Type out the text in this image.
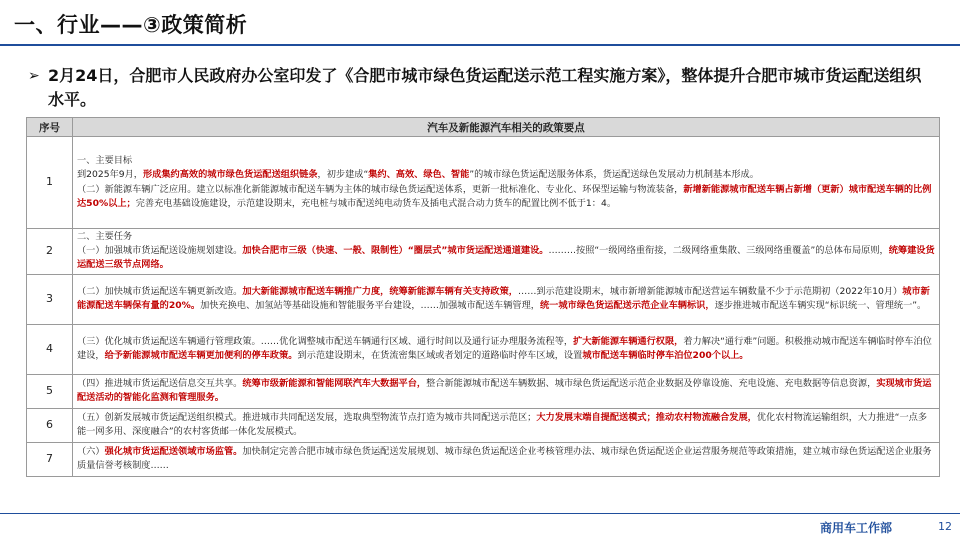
一、行业——③政策简析
➢ 2月24日，合肥市人民政府办公室印发了《合肥市城市绿色货运配送示范工程实施方案》，整体提升合肥市城市货运配送组织水平。
序号	汽车及新能源汽车相关的政策要点
1	一、主要目标
到2025年9月，形成集约高效的城市绿色货运配送组织链条，初步建成“集约、高效、绿色、智能”的城市绿色货运配送服务体系，货运配送绿色发展动力机制基本形成。
（二）新能源车辆广泛应用。建立以标准化新能源城市配送车辆为主体的城市绿色货运配送体系，更新一批标准化、专业化、环保型运输与物流装备，新增新能源城市配送车辆占新增（更新）城市配送车辆的比例达50%以上；完善充电基础设施建设，示范建设期末，充电桩与城市配送纯电动货车及插电式混合动力货车的配置比例不低于1：4。
2	二、主要任务
（一）加强城市货运配送设施规划建设。加快合肥市三级（快速、一般、限制性）“圈层式”城市货运配送通道建设。………按照“一级网络重衔接，二级网络重集散、三级网络重覆盖”的总体布局原则，统筹建设货运配送三级节点网络。
3	（二）加快城市货运配送车辆更新改造。加大新能源城市配送车辆推广力度，统筹新能源车辆有关支持政策，……到示范建设期末，城市新增新能源城市配送营运车辆数量不少于示范期初（2022年10月）城市新能源配送车辆保有量的20%。加快充换电、加氢站等基础设施和智能服务平台建设，……加强城市配送车辆管理，统一城市绿色货运配送示范企业车辆标识，逐步推进城市配送车辆实现“标识统一、管理统一”。
4	（三）优化城市货运配送车辆通行管理政策。……优化调整城市配送车辆通行区域、通行时间以及通行证办理服务流程等，扩大新能源车辆通行权限，着力解决“通行难”问题。积极推动城市配送车辆临时停车泊位建设，给予新能源城市配送车辆更加便利的停车政策。到示范建设期末，在货流密集区域或者划定的道路临时停车区域，设置城市配送车辆临时停车泊位200个以上。
5	（四）推进城市货运配送信息交互共享。统筹市级新能源和智能网联汽车大数据平台，整合新能源城市配送车辆数据、城市绿色货运配送示范企业数据及停靠设施、充电设施、充电数据等信息资源，实现城市货运配送活动的智能化监测和管理服务。
6	（五）创新发展城市货运配送组织模式。推进城市共同配送发展，选取典型物流节点打造为城市共同配送示范区；大力发展末端自提配送模式；推动农村物流融合发展，优化农村物流运输组织，大力推进“一点多能一网多用、深度融合”的农村客货邮一体化发展模式。
7	（六）强化城市货运配送领域市场监管。加快制定完善合肥市城市绿色货运配送发展规划、城市绿色货运配送企业考核管理办法、城市绿色货运配送企业运营服务规范等政策措施，建立城市绿色货运配送企业服务质量信誉考核制度……
商用车工作部	12
